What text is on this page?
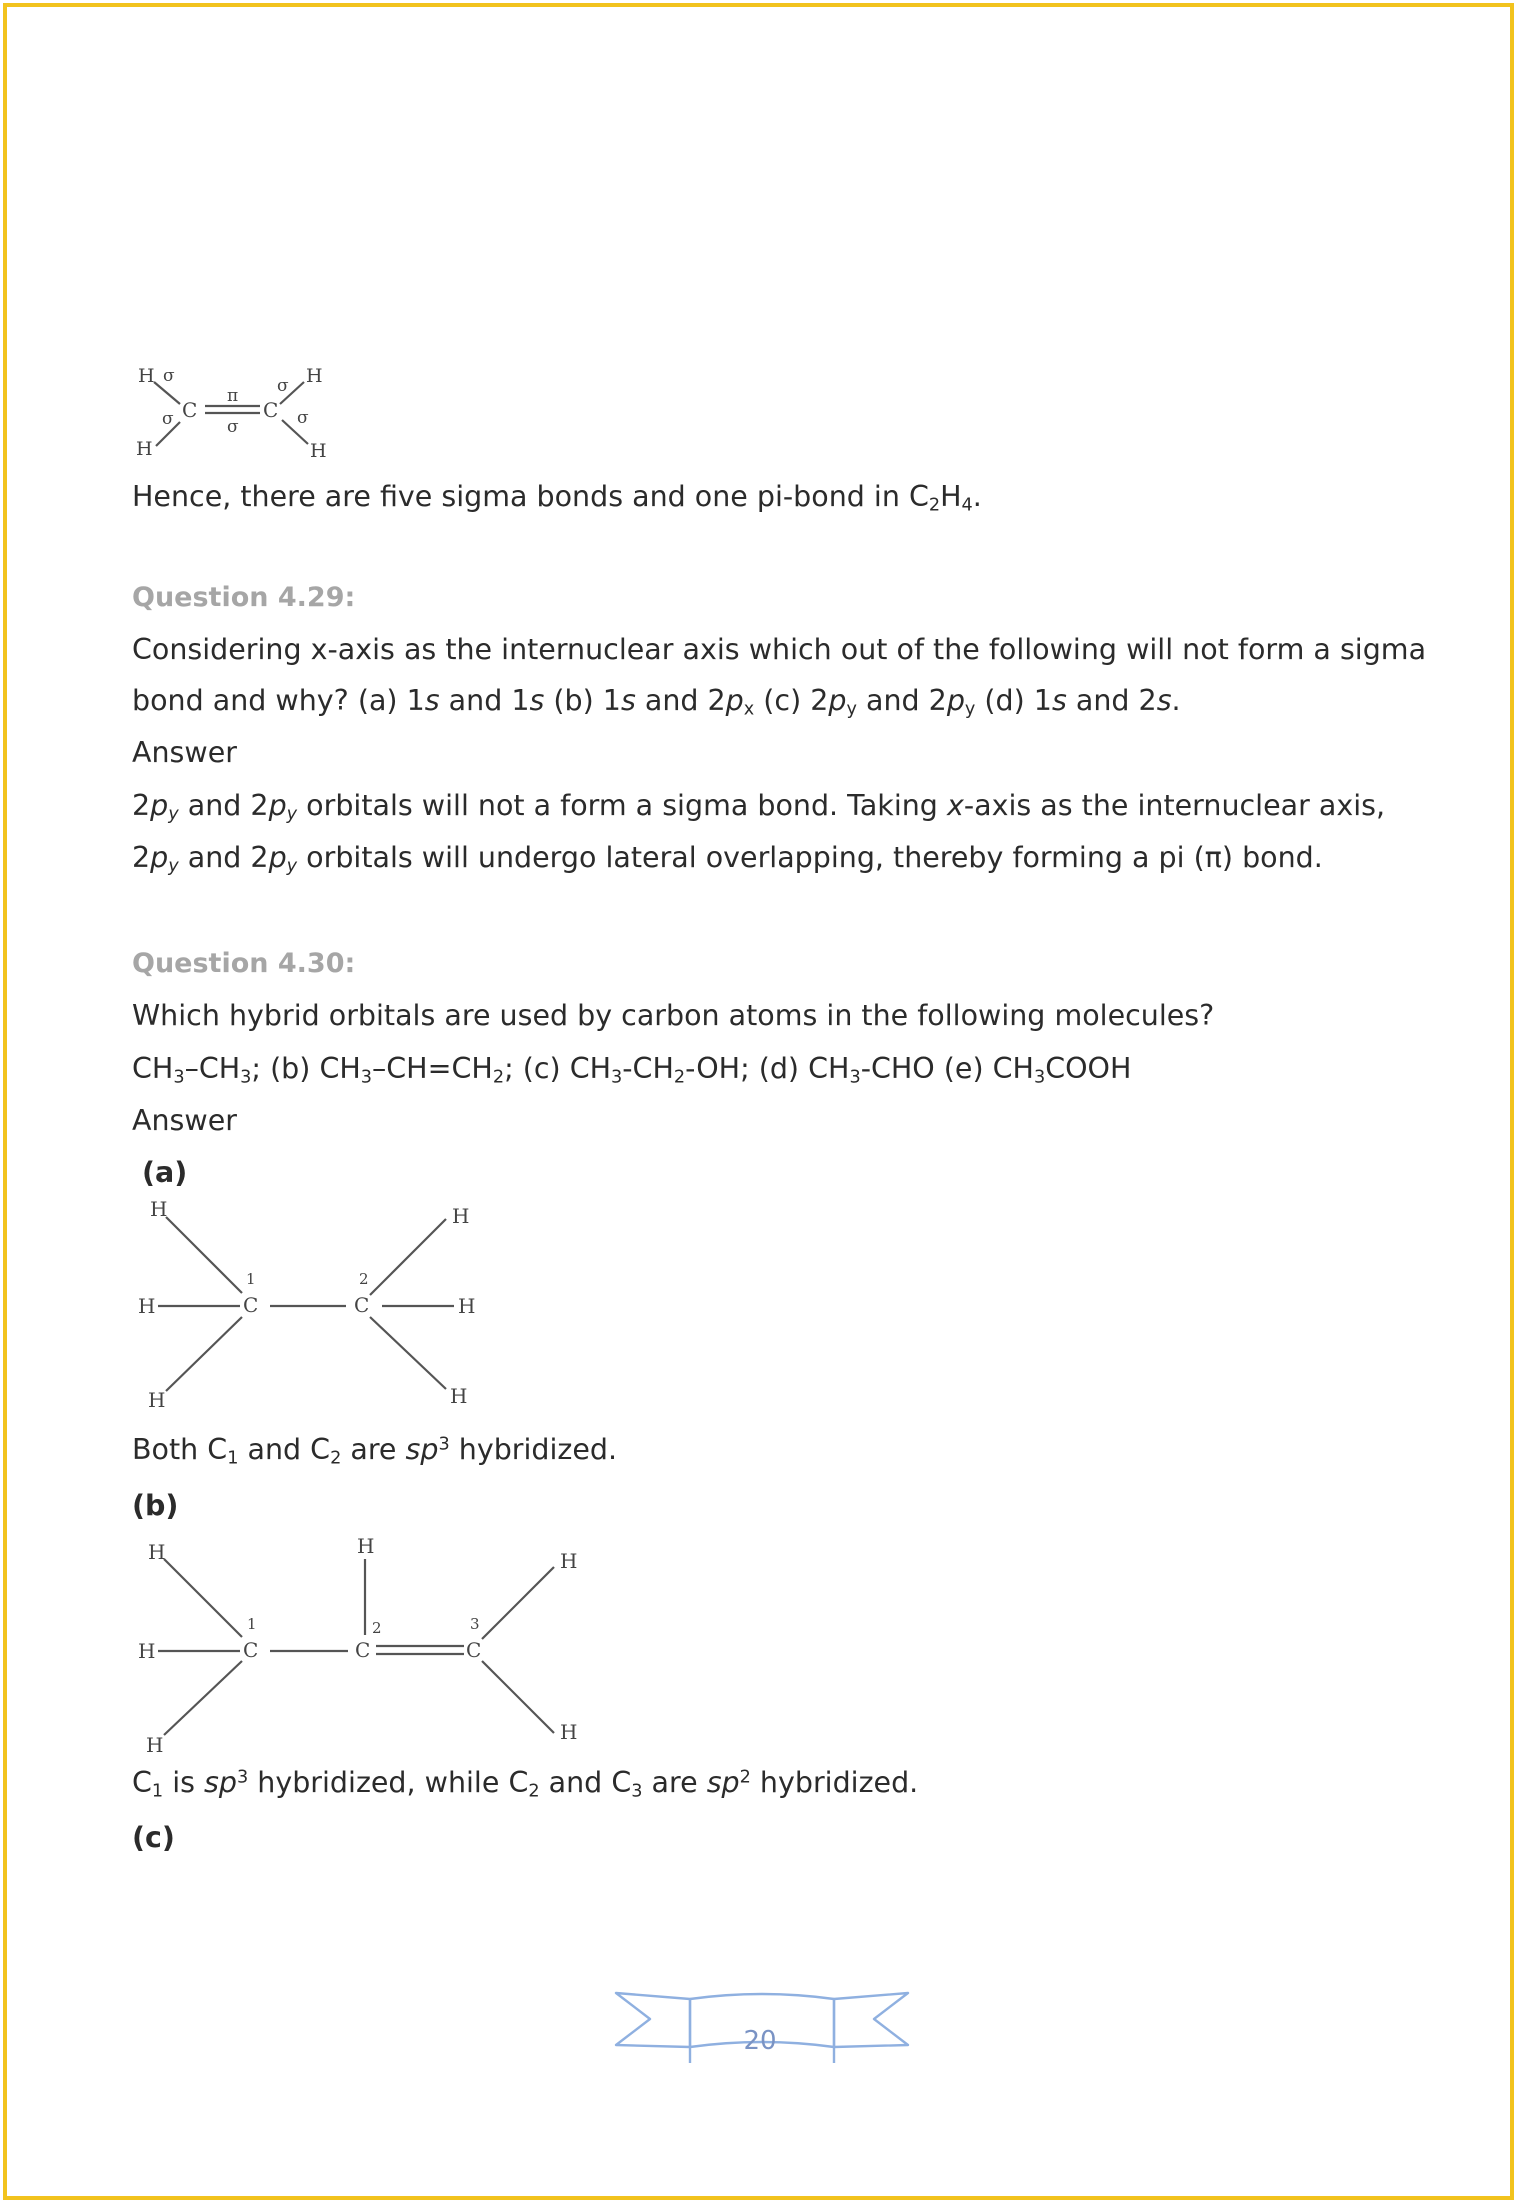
H σ
C
σ
H
π
σ
C
σ H
σ
H
Hence, there are five sigma bonds and one pi-bond in $C_2H_4$.
Question 4.29:
Considering x-axis as the internuclear axis which out of the following will not form a sigma
bond and why? (a) 1s and 1s (b) 1s and $2p_x$ (c) $2p_y$ and $2p_y$ (d) 1s and 2s.
Answer
$2p_y$ and $2p_y$ orbitals will not a form a sigma bond. Taking x-axis as the internuclear axis,
$2p_y$ and $2p_y$ orbitals will undergo lateral overlapping, thereby forming a pi (π) bond.
Question 4.30:
Which hybrid orbitals are used by carbon atoms in the following molecules?
$CH_3-CH_3$; (b) $CH_3-CH=CH_2$; (c) $CH_3-CH_2-OH$; (d) $CH_3$-CHO (e) $CH_3COOH$
Answer
(a)
H
H
1
C
H
2
C
H
H
H
Both $C_1$ and $C_2$ are $sp^3$ hybridized.
(b)
H
H
1
C
H
H
2
C
3
C
H
H
$C_1$ is $sp^3$ hybridized, while $C_2$ and $C_3$ are $sp^2$ hybridized.
(c)
20
